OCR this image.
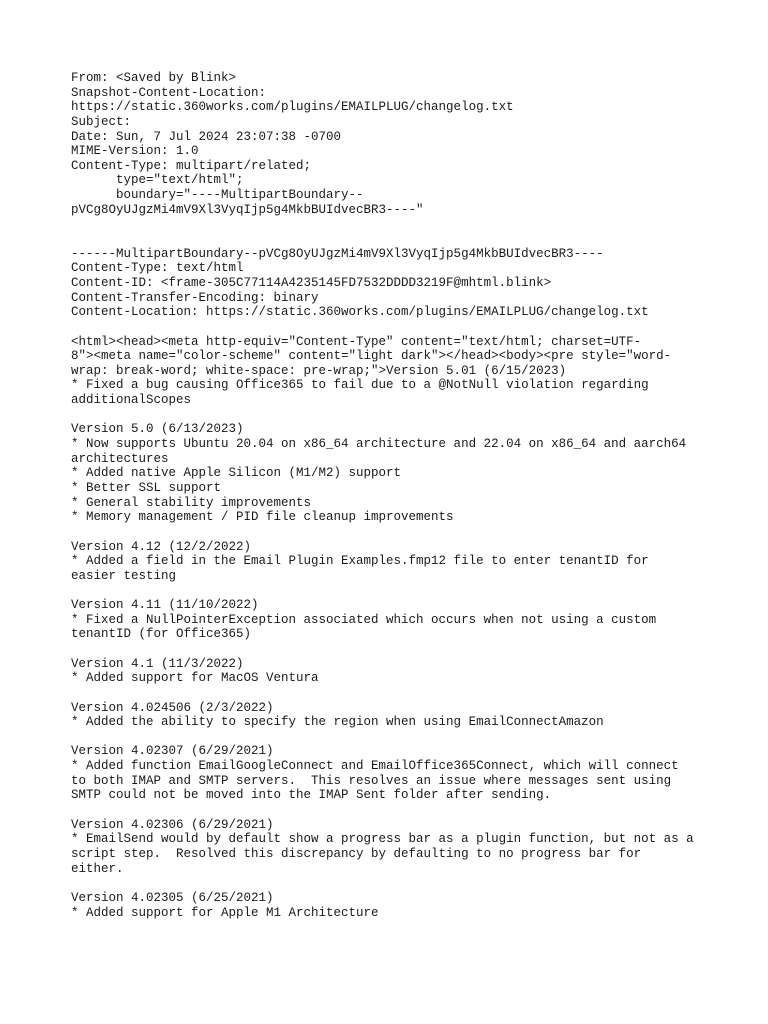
From: <Saved by Blink>
Snapshot-Content-Location:
https://static.360works.com/plugins/EMAILPLUG/changelog.txt
Subject:
Date: Sun, 7 Jul 2024 23:07:38 -0700
MIME-Version: 1.0
Content-Type: multipart/related;
type="text/html";
boundary="----MultipartBoundary--
pVCg8OyUJgzMi4mV9Xl3VyqIjp5g4MkbBUIdvecBR3----"
------MultipartBoundary--pVCg8OyUJgzMi4mV9Xl3VyqIjp5g4MkbBUIdvecBR3----
Content-Type: text/html
Content-ID: <frame-305C77114A4235145FD7532DDDD3219F@mhtml.blink>
Content-Transfer-Encoding: binary
Content-Location: https://static.360works.com/plugins/EMAILPLUG/changelog.txt
<html><head><meta http-equiv="Content-Type" content="text/html; charset=UTF-
8"><meta name="color-scheme" content="light dark"></head><body><pre style="word-
wrap: break-word; white-space: pre-wrap;">Version 5.01 (6/15/2023)
* Fixed a bug causing Office365 to fail due to a @NotNull violation regarding
additionalScopes
Version 5.0 (6/13/2023)
* Now supports Ubuntu 20.04 on x86_64 architecture and 22.04 on x86_64 and aarch64
architectures
* Added native Apple Silicon (M1/M2) support
* Better SSL support
* General stability improvements
* Memory management / PID file cleanup improvements
Version 4.12 (12/2/2022)
* Added a field in the Email Plugin Examples.fmp12 file to enter tenantID for
easier testing
Version 4.11 (11/10/2022)
* Fixed a NullPointerException associated which occurs when not using a custom
tenantID (for Office365)
Version 4.1 (11/3/2022)
* Added support for MacOS Ventura
Version 4.024506 (2/3/2022)
* Added the ability to specify the region when using EmailConnectAmazon
Version 4.02307 (6/29/2021)
* Added function EmailGoogleConnect and EmailOffice365Connect, which will connect
to both IMAP and SMTP servers.  This resolves an issue where messages sent using
SMTP could not be moved into the IMAP Sent folder after sending.
Version 4.02306 (6/29/2021)
* EmailSend would by default show a progress bar as a plugin function, but not as a
script step.  Resolved this discrepancy by defaulting to no progress bar for
either.
Version 4.02305 (6/25/2021)
* Added support for Apple M1 Architecture
